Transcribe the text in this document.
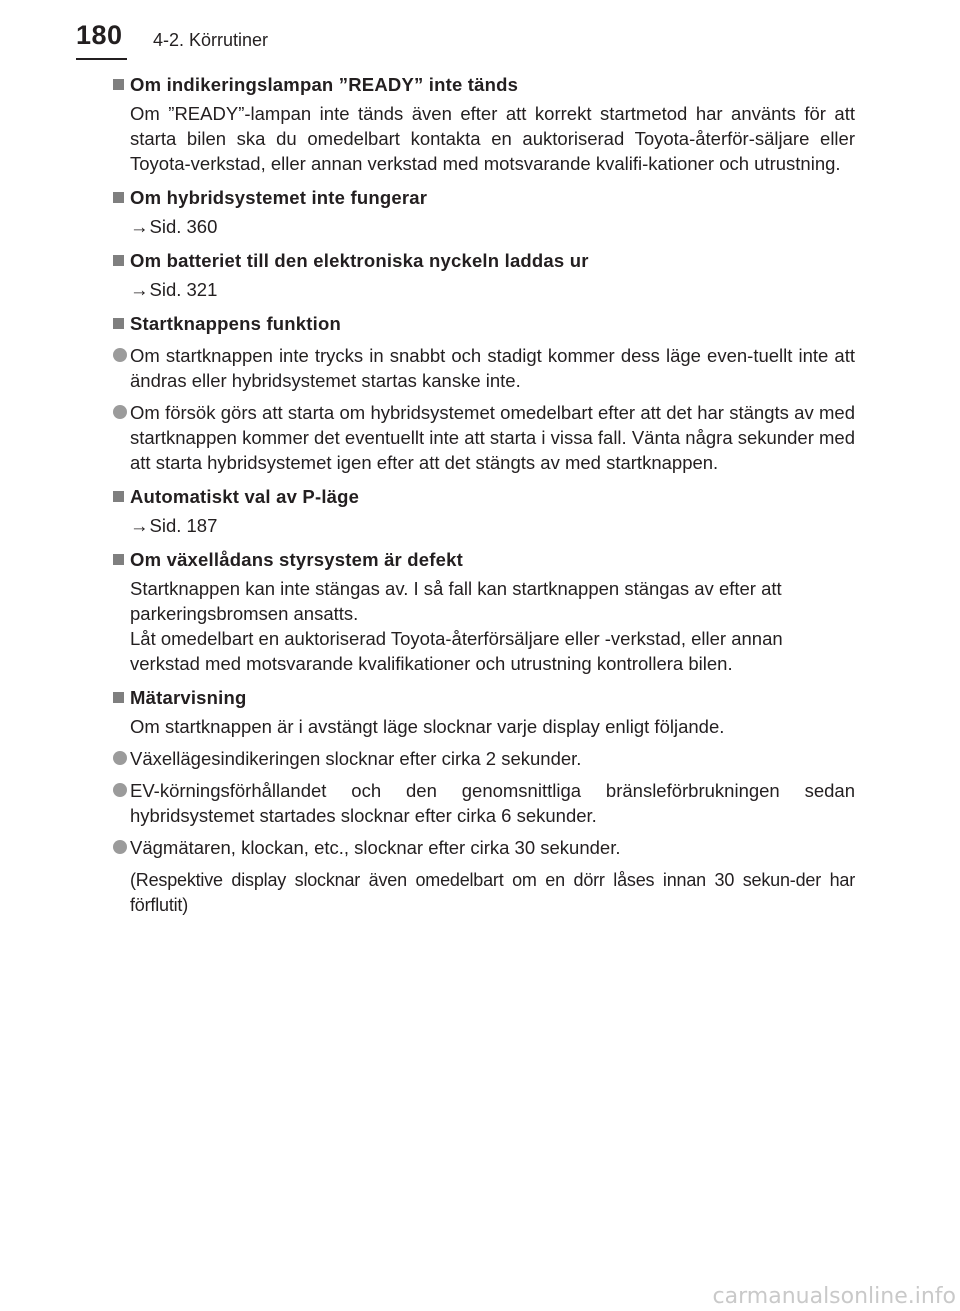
180 4-2. Körrutiner
Om indikeringslampan ”READY” inte tänds
Om ”READY”-lampan inte tänds även efter att korrekt startmetod har använts för att starta bilen ska du omedelbart kontakta en auktoriserad Toyota-återför-säljare eller Toyota-verkstad, eller annan verkstad med motsvarande kvalifi-kationer och utrustning.
Om hybridsystemet inte fungerar
→Sid. 360
Om batteriet till den elektroniska nyckeln laddas ur
→Sid. 321
Startknappens funktion
Om startknappen inte trycks in snabbt och stadigt kommer dess läge even-tuellt inte att ändras eller hybridsystemet startas kanske inte.
Om försök görs att starta om hybridsystemet omedelbart efter att det har stängts av med startknappen kommer det eventuellt inte att starta i vissa fall. Vänta några sekunder med att starta hybridsystemet igen efter att det stängts av med startknappen.
Automatiskt val av P-läge
→Sid. 187
Om växellådans styrsystem är defekt
Startknappen kan inte stängas av. I så fall kan startknappen stängas av efter att parkeringsbromsen ansatts.
Låt omedelbart en auktoriserad Toyota-återförsäljare eller -verkstad, eller annan verkstad med motsvarande kvalifikationer och utrustning kontrollera bilen.
Mätarvisning
Om startknappen är i avstängt läge slocknar varje display enligt följande.
Växellägesindikeringen slocknar efter cirka 2 sekunder.
EV-körningsförhållandet och den genomsnittliga bränsleförbrukningen sedan hybridsystemet startades slocknar efter cirka 6 sekunder.
Vägmätaren, klockan, etc., slocknar efter cirka 30 sekunder.
(Respektive display slocknar även omedelbart om en dörr låses innan 30 sekun-der har förflutit)
carmanualsonline.info
